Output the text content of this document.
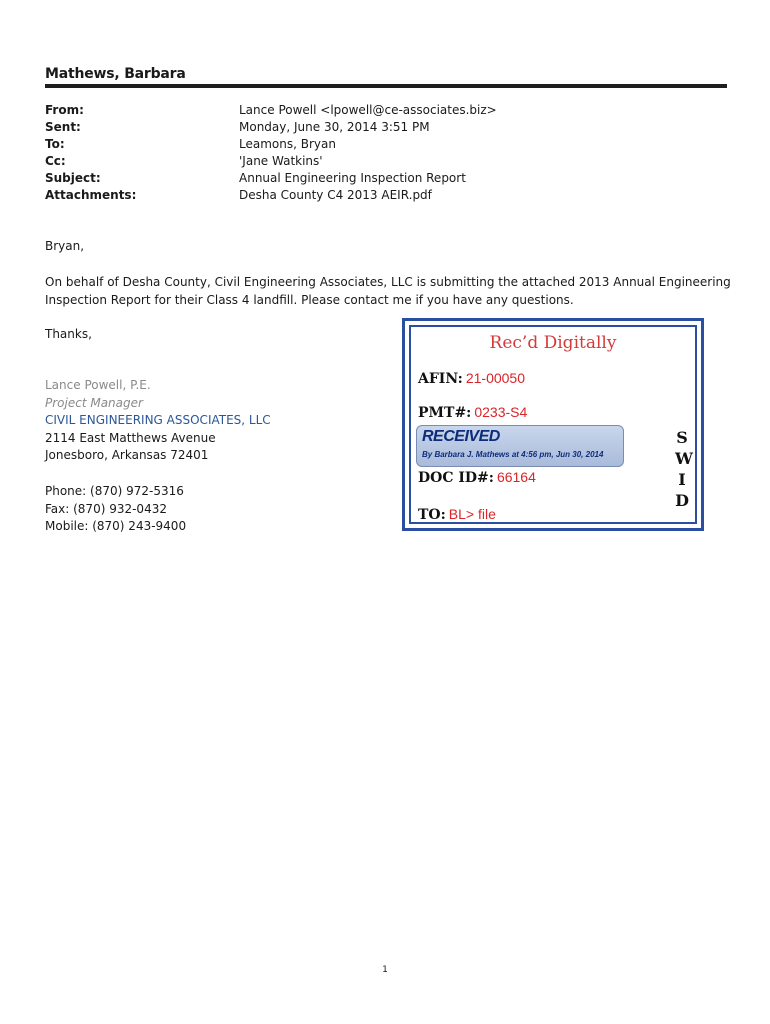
Mathews, Barbara
From:	Lance Powell <lpowell@ce-associates.biz>
Sent:	Monday, June 30, 2014 3:51 PM
To:	Leamons, Bryan
Cc:	'Jane Watkins'
Subject:	Annual Engineering Inspection Report
Attachments:	Desha County C4 2013 AEIR.pdf
Bryan,
On behalf of Desha County, Civil Engineering Associates, LLC is submitting the attached 2013 Annual Engineering
Inspection Report for their Class 4 landfill. Please contact me if you have any questions.
Thanks,
Lance Powell, P.E.
Project Manager
CIVIL ENGINEERING ASSOCIATES, LLC
2114 East Matthews Avenue
Jonesboro, Arkansas 72401
Phone: (870) 972-5316
Fax: (870) 932-0432
Mobile: (870) 243-9400
Rec’d Digitally
AFIN: 21-00050
PMT#: 0233-S4
RECEIVED
By Barbara J. Mathews at 4:56 pm, Jun 30, 2014
DOC ID#: 66164
TO: BL> file
S
W
I
D
1
